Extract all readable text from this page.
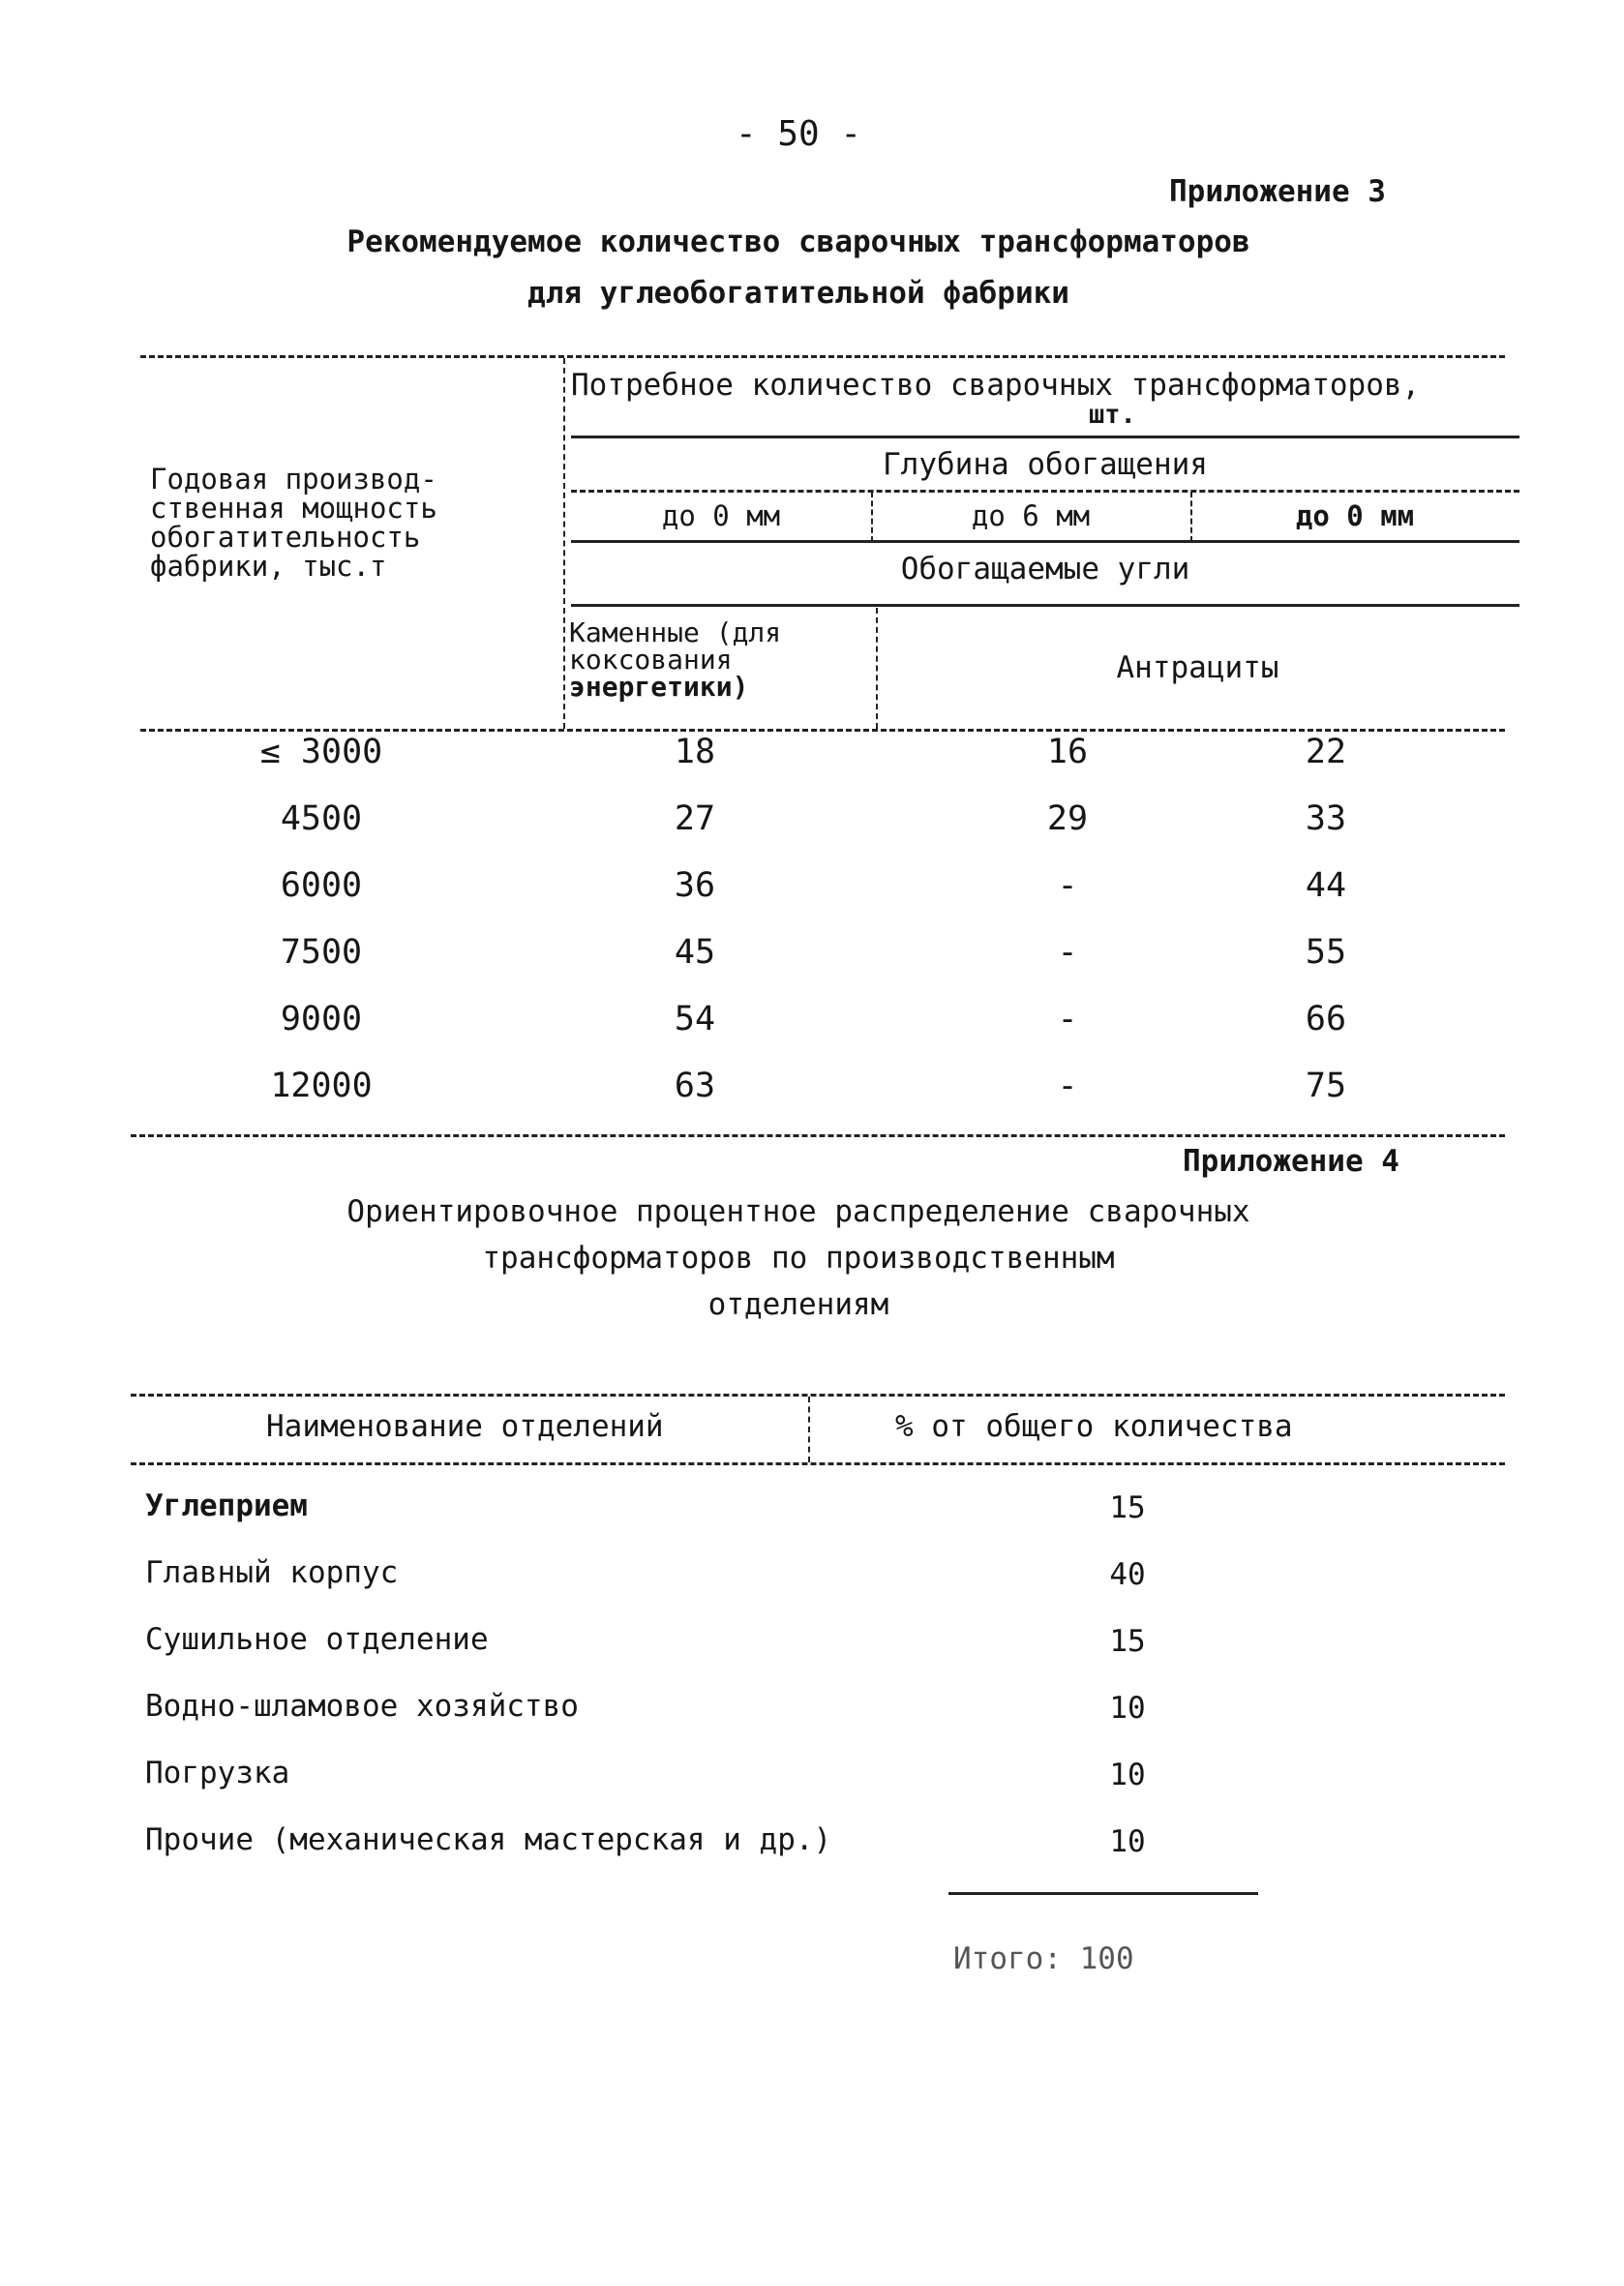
- 50 -
Приложение 3
Рекомендуемое количество сварочных трансформаторов
для углеобогатительной фабрики
Годовая производ-
ственная мощность
обогатительность
фабрики, тыс.т
Потребное количество сварочных трансформаторов,
шт.
Глубина обогащения
до 0 мм	до 6 мм	до 0 мм
Обогащаемые угли
Каменные (для
коксования
энергетики)
Антрациты
≤ 3000	18	16	22
4500	27	29	33
6000	36	-	44
7500	45	-	55
9000	54	-	66
12000	63	-	75
Приложение 4
Ориентировочное процентное распределение сварочных
трансформаторов по производственным
отделениям
Наименование отделений	% от общего количества
Углеприем	15
Главный корпус	40
Сушильное отделение	15
Водно-шламовое хозяйство	10
Погрузка	10
Прочие (механическая мастерская и др.)	10
Итого: 100
